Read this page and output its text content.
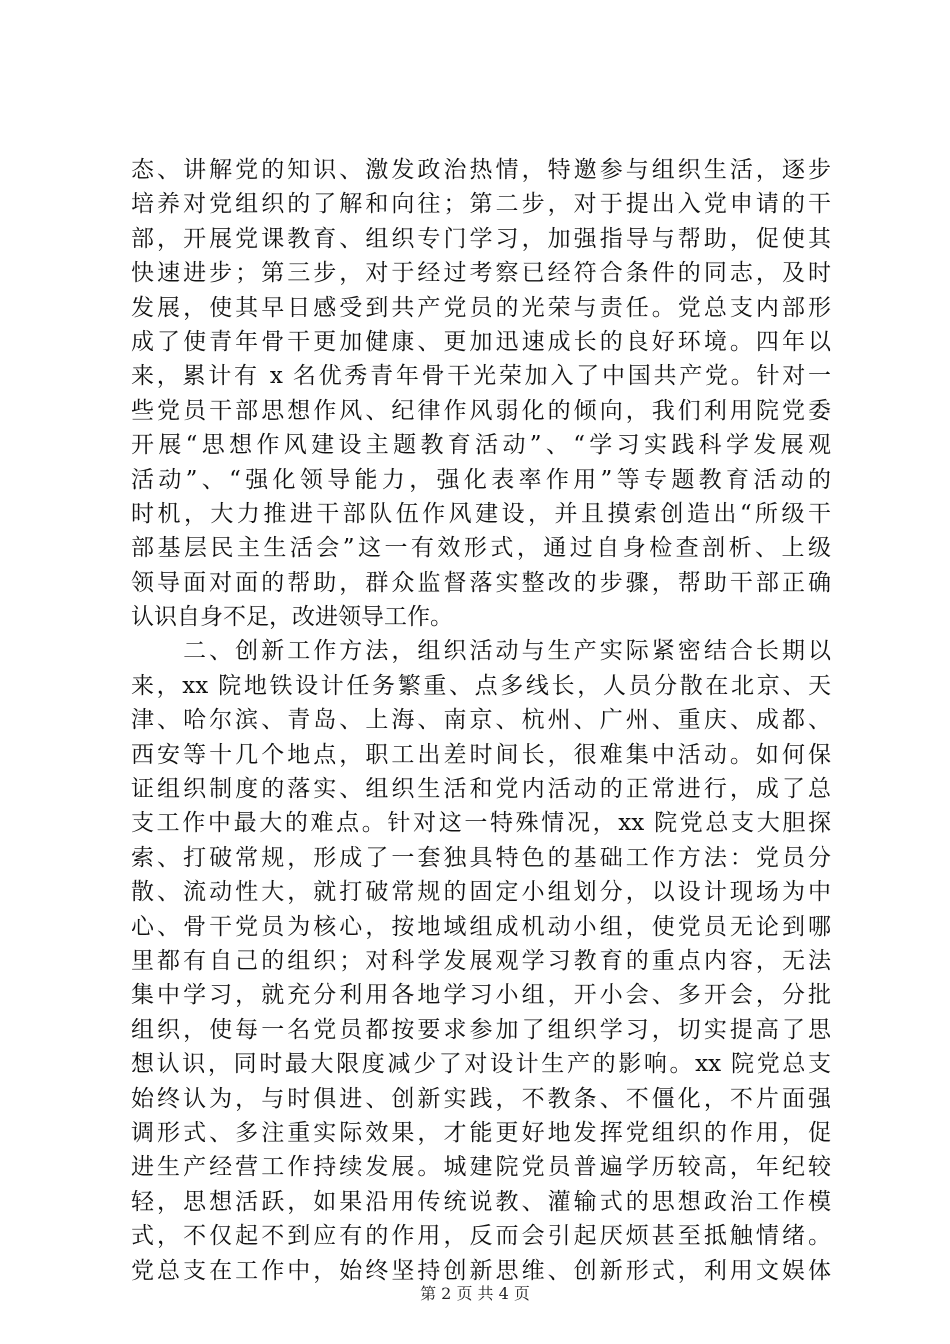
态、讲解党的知识、激发政治热情，特邀参与组织生活，逐步
培养对党组织的了解和向往；第二步，对于提出入党申请的干
部，开展党课教育、组织专门学习，加强指导与帮助，促使其
快速进步；第三步，对于经过考察已经符合条件的同志，及时
发展，使其早日感受到共产党员的光荣与责任。党总支内部形
成了使青年骨干更加健康、更加迅速成长的良好环境。四年以
来，累计有 x 名优秀青年骨干光荣加入了中国共产党。针对一
些党员干部思想作风、纪律作风弱化的倾向，我们利用院党委
开展“思想作风建设主题教育活动”、“学习实践科学发展观
活动”、“强化领导能力，强化表率作用”等专题教育活动的
时机，大力推进干部队伍作风建设，并且摸索创造出“所级干
部基层民主生活会”这一有效形式，通过自身检查剖析、上级
领导面对面的帮助，群众监督落实整改的步骤，帮助干部正确
认识自身不足，改进领导工作。
　　二、创新工作方法，组织活动与生产实际紧密结合长期以
来，xx 院地铁设计任务繁重、点多线长，人员分散在北京、天
津、哈尔滨、青岛、上海、南京、杭州、广州、重庆、成都、
西安等十几个地点，职工出差时间长，很难集中活动。如何保
证组织制度的落实、组织生活和党内活动的正常进行，成了总
支工作中最大的难点。针对这一特殊情况，xx 院党总支大胆探
索、打破常规，形成了一套独具特色的基础工作方法：党员分
散、流动性大，就打破常规的固定小组划分，以设计现场为中
心、骨干党员为核心，按地域组成机动小组，使党员无论到哪
里都有自己的组织；对科学发展观学习教育的重点内容，无法
集中学习，就充分利用各地学习小组，开小会、多开会，分批
组织，使每一名党员都按要求参加了组织学习，切实提高了思
想认识，同时最大限度减少了对设计生产的影响。xx 院党总支
始终认为，与时俱进、创新实践，不教条、不僵化，不片面强
调形式、多注重实际效果，才能更好地发挥党组织的作用，促
进生产经营工作持续发展。城建院党员普遍学历较高，年纪较
轻，思想活跃，如果沿用传统说教、灌输式的思想政治工作模
式，不仅起不到应有的作用，反而会引起厌烦甚至抵触情绪。
党总支在工作中，始终坚持创新思维、创新形式，利用文娱体
第 2 页 共 4 页
